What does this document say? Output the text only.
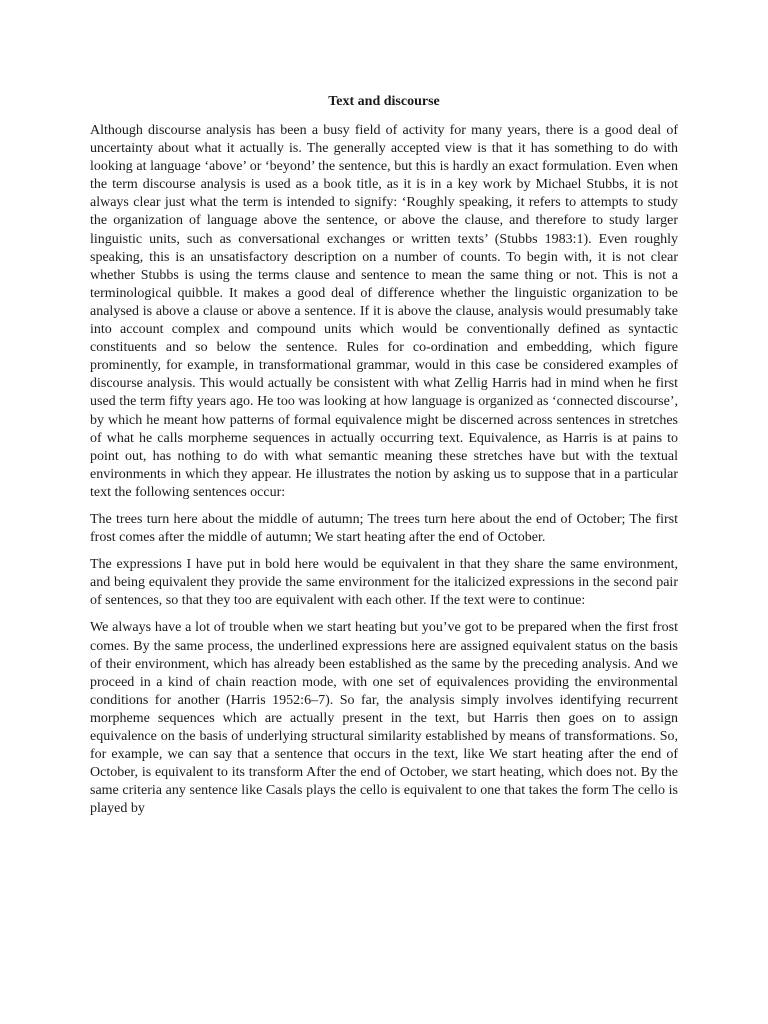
Text and discourse

Although discourse analysis has been a busy field of activity for many years, there is a good deal of uncertainty about what it actually is. The generally accepted view is that it has something to do with looking at language ‘above’ or ‘beyond’ the sentence, but this is hardly an exact formulation. Even when the term discourse analysis is used as a book title, as it is in a key work by Michael Stubbs, it is not always clear just what the term is intended to signify: ‘Roughly speaking, it refers to attempts to study the organization of language above the sentence, or above the clause, and therefore to study larger linguistic units, such as conversational exchanges or written texts’ (Stubbs 1983:1). Even roughly speaking, this is an unsatisfactory description on a number of counts. To begin with, it is not clear whether Stubbs is using the terms clause and sentence to mean the same thing or not. This is not a terminological quibble. It makes a good deal of difference whether the linguistic organization to be analysed is above a clause or above a sentence. If it is above the clause, analysis would presumably take into account complex and compound units which would be conventionally defined as syntactic constituents and so below the sentence. Rules for co-ordination and embedding, which figure prominently, for example, in transformational grammar, would in this case be considered examples of discourse analysis. This would actually be consistent with what Zellig Harris had in mind when he first used the term fifty years ago. He too was looking at how language is organized as ‘connected discourse’, by which he meant how patterns of formal equivalence might be discerned across sentences in stretches of what he calls morpheme sequences in actually occurring text. Equivalence, as Harris is at pains to point out, has nothing to do with what semantic meaning these stretches have but with the textual environments in which they appear. He illustrates the notion by asking us to suppose that in a particular text the following sentences occur:

The trees turn here about the middle of autumn; The trees turn here about the end of October; The first frost comes after the middle of autumn; We start heating after the end of October.

The expressions I have put in bold here would be equivalent in that they share the same environment, and being equivalent they provide the same environment for the italicized expressions in the second pair of sentences, so that they too are equivalent with each other. If the text were to continue:

We always have a lot of trouble when we start heating but you’ve got to be prepared when the first frost comes. By the same process, the underlined expressions here are assigned equivalent status on the basis of their environment, which has already been established as the same by the preceding analysis. And we proceed in a kind of chain reaction mode, with one set of equivalences providing the environmental conditions for another (Harris 1952:6–7). So far, the analysis simply involves identifying recurrent morpheme sequences which are actually present in the text, but Harris then goes on to assign equivalence on the basis of underlying structural similarity established by means of transformations. So, for example, we can say that a sentence that occurs in the text, like We start heating after the end of October, is equivalent to its transform After the end of October, we start heating, which does not. By the same criteria any sentence like Casals plays the cello is equivalent to one that takes the form The cello is played by
